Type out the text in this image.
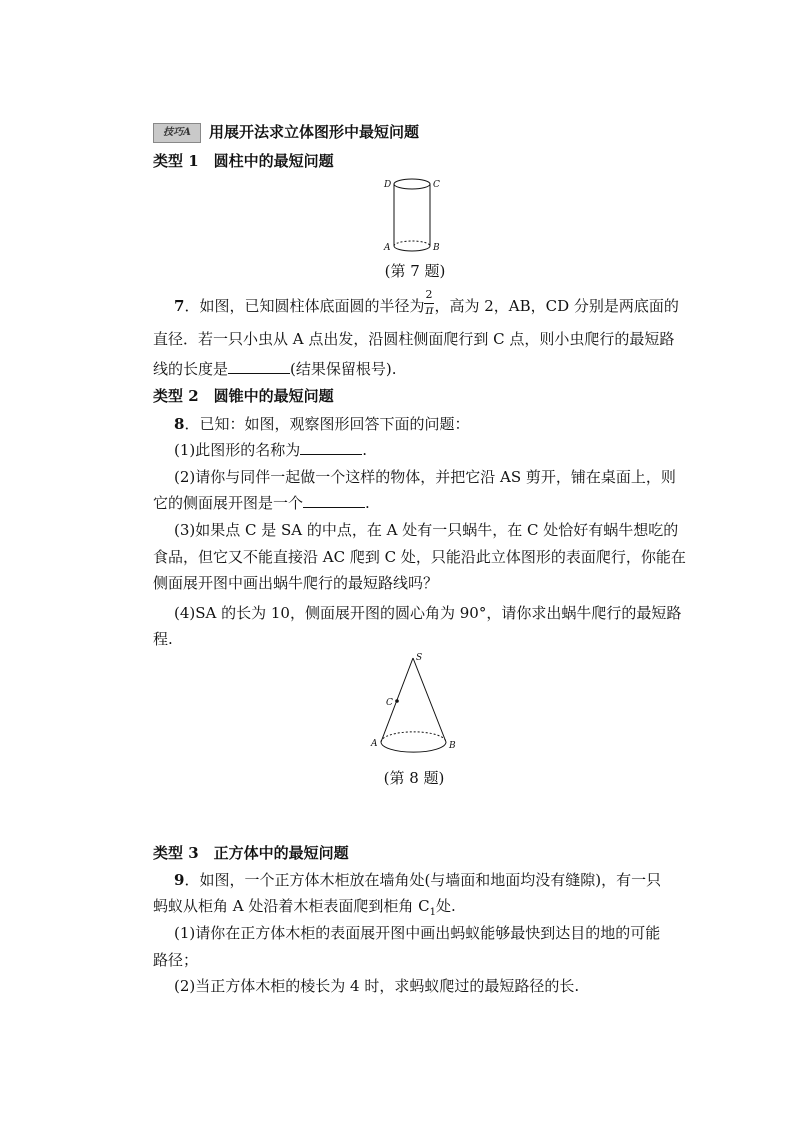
技巧A 用展开法求立体图形中最短问题
类型 1　圆柱中的最短问题
D	C
A	B
(第 7 题)
7．如图，已知圆柱体底面圆的半径为 $\frac{2}{\pi}$ ，高为 2，AB，CD 分别是两底面的
直径．若一只小虫从 A 点出发，沿圆柱侧面爬行到 C 点，则小虫爬行的最短路
线的长度是	(结果保留根号).
类型 2　圆锥中的最短问题
8．已知：如图，观察图形回答下面的问题：
(1)此图形的名称为	.
(2)请你与同伴一起做一个这样的物体，并把它沿 AS 剪开，铺在桌面上，则
它的侧面展开图是一个	.
(3)如果点 C 是 SA 的中点，在 A 处有一只蜗牛，在 C 处恰好有蜗牛想吃的
食品，但它又不能直接沿 AC 爬到 C 处，只能沿此立体图形的表面爬行，你能在
侧面展开图中画出蜗牛爬行的最短路线吗？
(4)SA 的长为 10，侧面展开图的圆心角为 90°，请你求出蜗牛爬行的最短路
程.
S
C
A	B
(第 8 题)
类型 3　正方体中的最短问题
9．如图，一个正方体木柜放在墙角处(与墙面和地面均没有缝隙)，有一只
蚂蚁从柜角 A 处沿着木柜表面爬到柜角 $C_1$处.
(1)请你在正方体木柜的表面展开图中画出蚂蚁能够最快到达目的地的可能
路径；
(2)当正方体木柜的棱长为 4 时，求蚂蚁爬过的最短路径的长.
